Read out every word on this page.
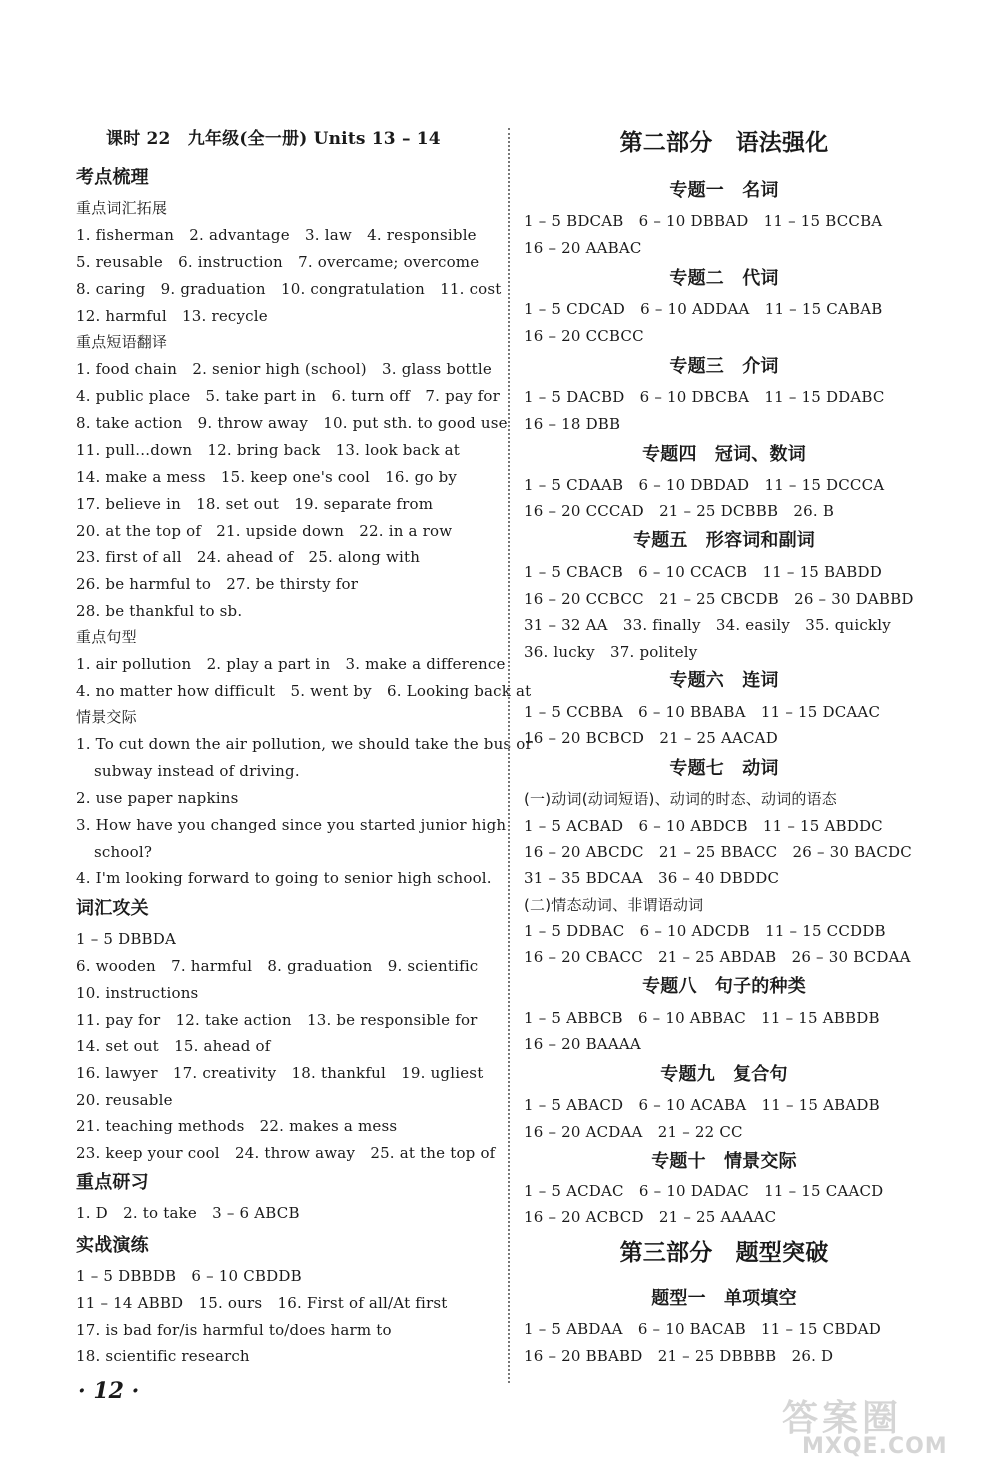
课时 22　九年级(全一册) Units 13 – 14
考点梳理
重点词汇拓展
1. fisherman　2. advantage　3. law　4. responsible
5. reusable　6. instruction　7. overcame; overcome
8. caring　9. graduation　10. congratulation　11. cost
12. harmful　13. recycle
重点短语翻译
1. food chain　2. senior high (school)　3. glass bottle
4. public place　5. take part in　6. turn off　7. pay for
8. take action　9. throw away　10. put sth. to good use
11. pull…down　12. bring back　13. look back at
14. make a mess　15. keep one's cool　16. go by
17. believe in　18. set out　19. separate from
20. at the top of　21. upside down　22. in a row
23. first of all　24. ahead of　25. along with
26. be harmful to　27. be thirsty for
28. be thankful to sb.
重点句型
1. air pollution　2. play a part in　3. make a difference
4. no matter how difficult　5. went by　6. Looking back at
情景交际
1. To cut down the air pollution, we should take the bus or
subway instead of driving.
2. use paper napkins
3. How have you changed since you started junior high
school?
4. I'm looking forward to going to senior high school.
词汇攻关
1 – 5 DBBDA
6. wooden　7. harmful　8. graduation　9. scientific
10. instructions
11. pay for　12. take action　13. be responsible for
14. set out　15. ahead of
16. lawyer　17. creativity　18. thankful　19. ugliest
20. reusable
21. teaching methods　22. makes a mess
23. keep your cool　24. throw away　25. at the top of
重点研习
1. D　2. to take　3 – 6 ABCB
实战演练
1 – 5 DBBDB　6 – 10 CBDDB
11 – 14 ABBD　15. ours　16. First of all/At first
17. is bad for/is harmful to/does harm to
18. scientific research
第二部分　语法强化
专题一　名词
1 – 5 BDCAB　6 – 10 DBBAD　11 – 15 BCCBA
16 – 20 AABAC
专题二　代词
1 – 5 CDCAD　6 – 10 ADDAA　11 – 15 CABAB
16 – 20 CCBCC
专题三　介词
1 – 5 DACBD　6 – 10 DBCBA　11 – 15 DDABC
16 – 18 DBB
专题四　冠词、数词
1 – 5 CDAAB　6 – 10 DBDAD　11 – 15 DCCCA
16 – 20 CCCAD　21 – 25 DCBBB　26. B
专题五　形容词和副词
1 – 5 CBACB　6 – 10 CCACB　11 – 15 BABDD
16 – 20 CCBCC　21 – 25 CBCDB　26 – 30 DABBD
31 – 32 AA　33. finally　34. easily　35. quickly
36. lucky　37. politely
专题六　连词
1 – 5 CCBBA　6 – 10 BBABA　11 – 15 DCAAC
16 – 20 BCBCD　21 – 25 AACAD
专题七　动词
(一)动词(动词短语)、动词的时态、动词的语态
1 – 5 ACBAD　6 – 10 ABDCB　11 – 15 ABDDC
16 – 20 ABCDC　21 – 25 BBACC　26 – 30 BACDC
31 – 35 BDCAA　36 – 40 DBDDC
(二)情态动词、非谓语动词
1 – 5 DDBAC　6 – 10 ADCDB　11 – 15 CCDDB
16 – 20 CBACC　21 – 25 ABDAB　26 – 30 BCDAA
专题八　句子的种类
1 – 5 ABBCB　6 – 10 ABBAC　11 – 15 ABBDB
16 – 20 BAAAA
专题九　复合句
1 – 5 ABACD　6 – 10 ACABA　11 – 15 ABADB
16 – 20 ACDAA　21 – 22 CC
专题十　情景交际
1 – 5 ACDAC　6 – 10 DADAC　11 – 15 CAACD
16 – 20 ACBCD　21 – 25 AAAAC
第三部分　题型突破
题型一　单项填空
1 – 5 ABDAA　6 – 10 BACAB　11 – 15 CBDAD
16 – 20 BBABD　21 – 25 DBBBB　26. D
· 12 ·
答案圈
MXQE.COM
